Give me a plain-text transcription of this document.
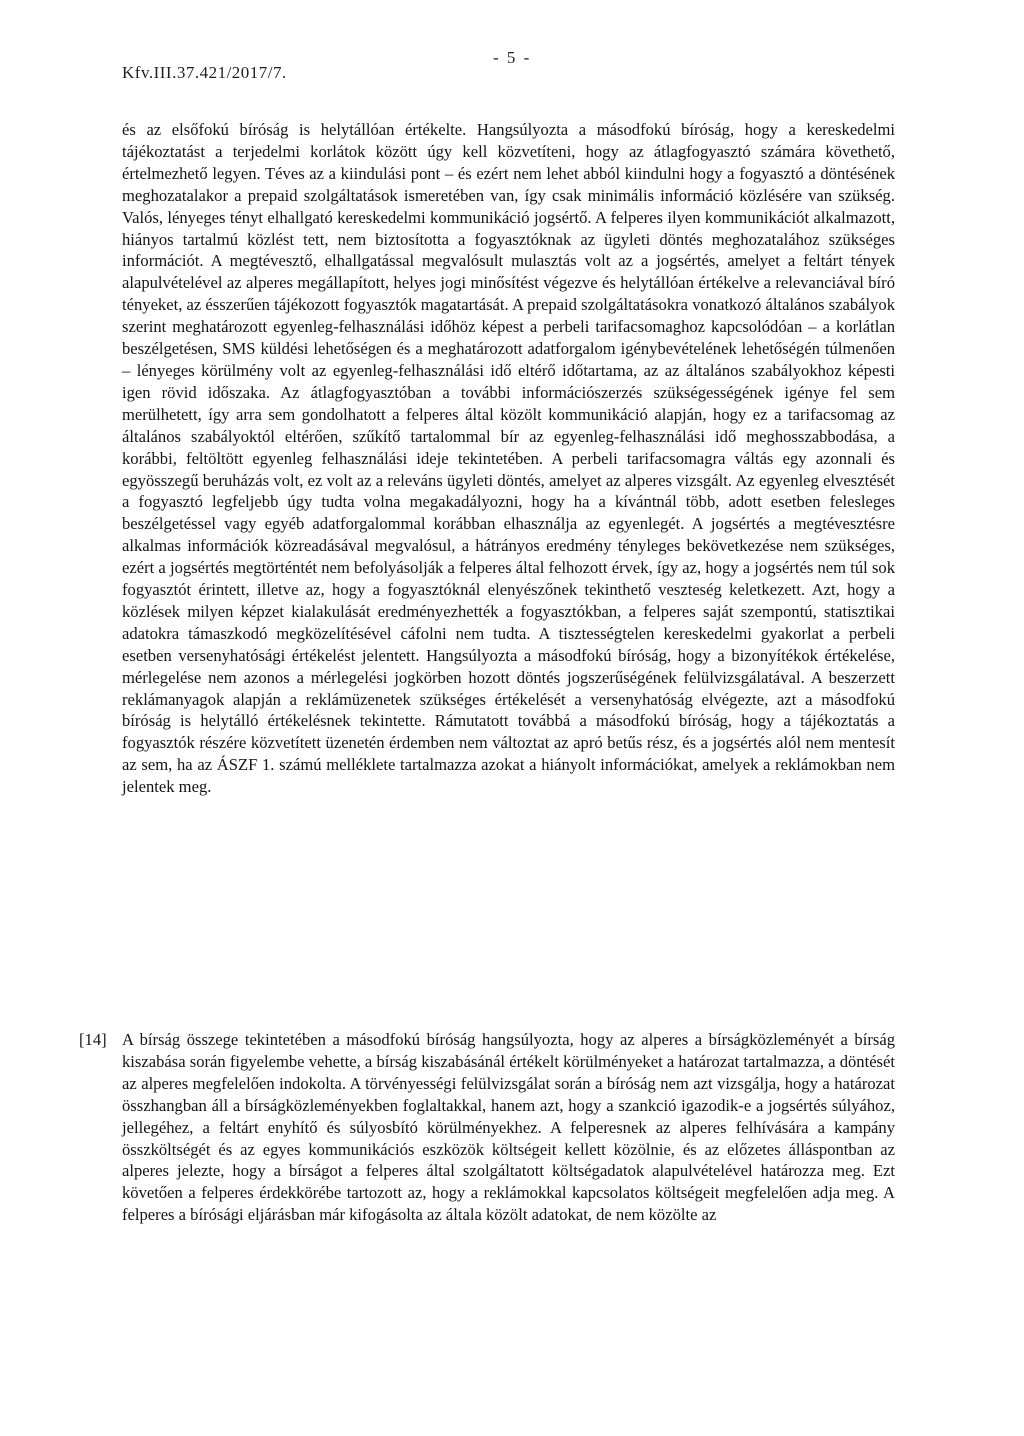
Kfv.III.37.421/2017/7.
- 5 -

és az elsőfokú bíróság is helytállóan értékelte. Hangsúlyozta a másodfokú bíróság, hogy a kereskedelmi tájékoztatást a terjedelmi korlátok között úgy kell közvetíteni, hogy az átlagfogyasztó számára követhető, értelmezhető legyen. Téves az a kiindulási pont – és ezért nem lehet abból kiindulni hogy a fogyasztó a döntésének meghozatalakor a prepaid szolgáltatások ismeretében van, így csak minimális információ közlésére van szükség. Valós, lényeges tényt elhallgató kereskedelmi kommunikáció jogsértő. A felperes ilyen kommunikációt alkalmazott, hiányos tartalmú közlést tett, nem biztosította a fogyasztóknak az ügyleti döntés meghozatalához szükséges információt. A megtévesztő, elhallgatással megvalósult mulasztás volt az a jogsértés, amelyet a feltárt tények alapulvételével az alperes megállapított, helyes jogi minősítést végezve és helytállóan értékelve a relevanciával bíró tényeket, az ésszerűen tájékozott fogyasztók magatartását. A prepaid szolgáltatásokra vonatkozó általános szabályok szerint meghatározott egyenleg-felhasználási időhöz képest a perbeli tarifacsomaghoz kapcsolódóan – a korlátlan beszélgetésen, SMS küldési lehetőségen és a meghatározott adatforgalom igénybevételének lehetőségén túlmenően – lényeges körülmény volt az egyenleg-felhasználási idő eltérő időtartama, az az általános szabályokhoz képesti igen rövid időszaka. Az átlagfogyasztóban a további információszerzés szükségességének igénye fel sem merülhetett, így arra sem gondolhatott a felperes által közölt kommunikáció alapján, hogy ez a tarifacsomag az általános szabályoktól eltérően, szűkítő tartalommal bír az egyenleg-felhasználási idő meghosszabbodása, a korábbi, feltöltött egyenleg felhasználási ideje tekintetében. A perbeli tarifacsomagra váltás egy azonnali és egyösszegű beruházás volt, ez volt az a releváns ügyleti döntés, amelyet az alperes vizsgált. Az egyenleg elvesztését a fogyasztó legfeljebb úgy tudta volna megakadályozni, hogy ha a kívántnál több, adott esetben felesleges beszélgetéssel vagy egyéb adatforgalommal korábban elhasználja az egyenlegét. A jogsértés a megtévesztésre alkalmas információk közreadásával megvalósul, a hátrányos eredmény tényleges bekövetkezése nem szükséges, ezért a jogsértés megtörténtét nem befolyásolják a felperes által felhozott érvek, így az, hogy a jogsértés nem túl sok fogyasztót érintett, illetve az, hogy a fogyasztóknál elenyészőnek tekinthető veszteség keletkezett. Azt, hogy a közlések milyen képzet kialakulását eredményezhették a fogyasztókban, a felperes saját szempontú, statisztikai adatokra támaszkodó megközelítésével cáfolni nem tudta. A tisztességtelen kereskedelmi gyakorlat a perbeli esetben versenyhatósági értékelést jelentett. Hangsúlyozta a másodfokú bíróság, hogy a bizonyítékok értékelése, mérlegelése nem azonos a mérlegelési jogkörben hozott döntés jogszerűségének felülvizsgálatával. A beszerzett reklámanyagok alapján a reklámüzenetek szükséges értékelését a versenyhatóság elvégezte, azt a másodfokú bíróság is helytálló értékelésnek tekintette. Rámutatott továbbá a másodfokú bíróság, hogy a tájékoztatás a fogyasztók részére közvetített üzenetén érdemben nem változtat az apró betűs rész, és a jogsértés alól nem mentesít az sem, ha az ÁSZF 1. számú melléklete tartalmazza azokat a hiányolt információkat, amelyek a reklámokban nem jelentek meg.

[14] A bírság összege tekintetében a másodfokú bíróság hangsúlyozta, hogy az alperes a bírságközleményét a bírság kiszabása során figyelembe vehette, a bírság kiszabásánál értékelt körülményeket a határozat tartalmazza, a döntését az alperes megfelelően indokolta. A törvényességi felülvizsgálat során a bíróság nem azt vizsgálja, hogy a határozat összhangban áll a bírságközleményekben foglaltakkal, hanem azt, hogy a szankció igazodik-e a jogsértés súlyához, jellegéhez, a feltárt enyhítő és súlyosbító körülményekhez. A felperesnek az alperes felhívására a kampány összköltségét és az egyes kommunikációs eszközök költségeit kellett közölnie, és az előzetes álláspontban az alperes jelezte, hogy a bírságot a felperes által szolgáltatott költségadatok alapulvételével határozza meg. Ezt követően a felperes érdekkörébe tartozott az, hogy a reklámokkal kapcsolatos költségeit megfelelően adja meg. A felperes a bírósági eljárásban már kifogásolta az általa közölt adatokat, de nem közölte az
